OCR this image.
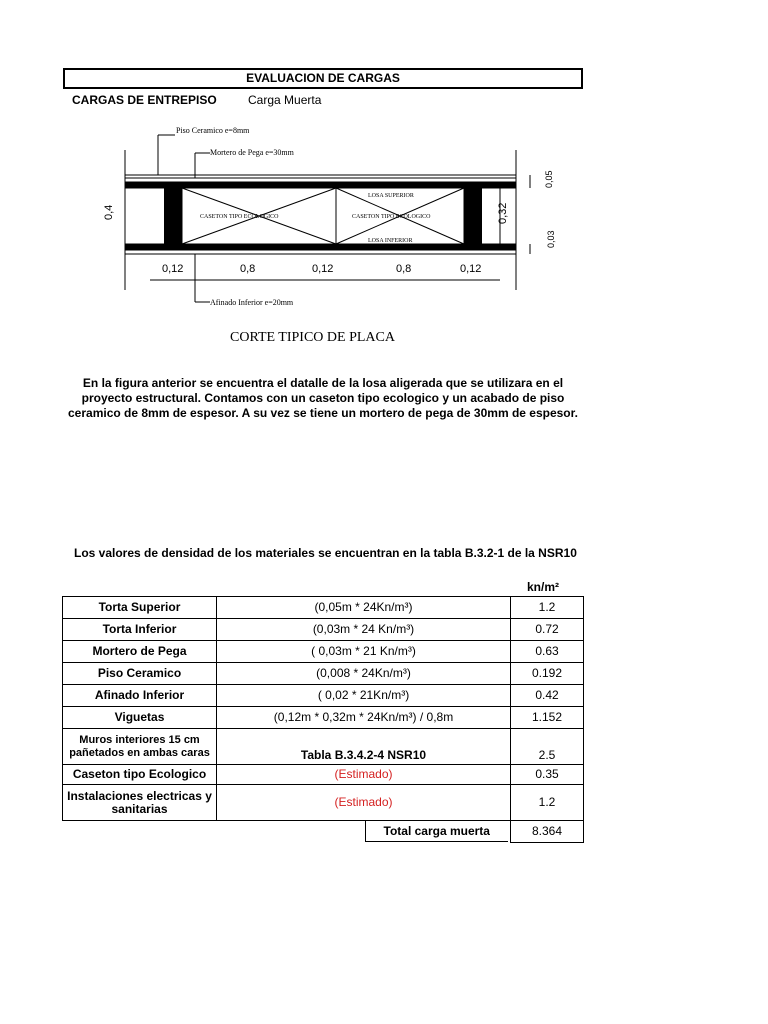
EVALUACION DE CARGAS
CARGAS DE ENTREPISO	Carga Muerta
Piso Ceramico e=8mm
Mortero de Pega e=30mm
Afinado Inferior e=20mm
LOSA SUPERIOR
LOSA INFERIOR
CASETON TIPO ECOLOGICO	CASETON TIPO ECOLOGICO
0,4	0,32
0,05
0,03
0,12	0,8	0,12	0,8	0,12
CORTE TIPICO DE PLACA
En la figura anterior se encuentra el datalle de la losa aligerada que se utilizara en el proyecto estructural. Contamos con un caseton tipo ecologico y un acabado de piso ceramico de 8mm de espesor. A su vez se tiene un mortero de pega de 30mm de espesor.
Los valores de densidad de los materiales se encuentran en la tabla B.3.2-1 de la NSR10
kn/m²
Torta Superior	(0,05m * 24Kn/m³)	1.2
Torta Inferior	(0,03m * 24 Kn/m³)	0.72
Mortero de Pega	( 0,03m * 21 Kn/m³)	0.63
Piso Ceramico	(0,008 * 24Kn/m³)	0.192
Afinado Inferior	( 0,02 * 21Kn/m³)	0.42
Viguetas	(0,12m * 0,32m * 24Kn/m³) / 0,8m	1.152
Muros interiores 15 cm pañetados en ambas caras	Tabla B.3.4.2-4 NSR10	2.5
Caseton tipo Ecologico	(Estimado)	0.35
Instalaciones electricas y sanitarias	(Estimado)	1.2

	Total carga muerta	8.364
